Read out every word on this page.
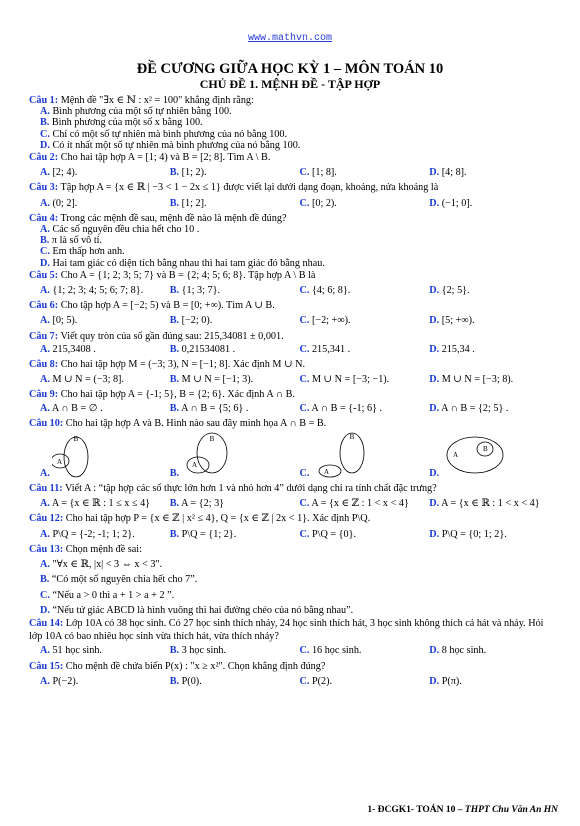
www.mathvn.com
ĐỀ CƯƠNG GIỮA HỌC KỲ 1 – MÔN TOÁN 10
CHỦ ĐỀ 1. MỆNH ĐỀ - TẬP HỢP
Câu 1: Mệnh đề "∃x ∈ ℕ : x² = 100" khẳng định rằng:
A. Bình phương của một số tự nhiên bằng 100.
B. Bình phương của một số x bằng 100.
C. Chỉ có một số tự nhiên mà bình phương của nó bằng 100.
D. Có ít nhất một số tự nhiên mà bình phương của nó bằng 100.
Câu 2: Cho hai tập hợp A = [1; 4) và B = [2; 8]. Tìm A \ B.
A. [2; 4).	B. [1; 2).	C. [1; 8].	D. [4; 8].
Câu 3: Tập hợp A = {x ∈ ℝ | −3 < 1 − 2x ≤ 1} được viết lại dưới dạng đoạn, khoảng, nửa khoảng là
A. (0; 2].	B. [1; 2].	C. [0; 2).	D. (−1; 0].
Câu 4: Trong các mệnh đề sau, mệnh đề nào là mệnh đề đúng?
A. Các số nguyên đều chia hết cho 10 .
B. π là số vô tỉ.
C. Em thấp hơn anh.
D. Hai tam giác có diện tích bằng nhau thì hai tam giác đó bằng nhau.
Câu 5: Cho A = {1; 2; 3; 5; 7} và B = {2; 4; 5; 6; 8}. Tập hợp A \ B là
A. {1; 2; 3; 4; 5; 6; 7; 8}.	B. {1; 3; 7}.	C. {4; 6; 8}.	D. {2; 5}.
Câu 6: Cho tập hợp A = [−2; 5) và B = [0; +∞). Tìm A ∪ B.
A. [0; 5).	B. [−2; 0).	C. [−2; +∞).	D. [5; +∞).
Câu 7: Viết quy tròn của số gần đúng sau: 215,34081 ± 0,001.
A. 215,3408 .	B. 0,21534081 .	C. 215,341 .	D. 215,34 .
Câu 8: Cho hai tập hợp M = (−3; 3), N = [−1; 8]. Xác định M ∪ N.
A. M ∪ N = (−3; 8].	B. M ∪ N = [−1; 3).	C. M ∪ N = [−3; −1).	D. M ∪ N = [−3; 8).
Câu 9: Cho hai tập hợp A = {-1; 5}, B = {2; 6}. Xác định A ∩ B.
A. A ∩ B = ∅ .	B. A ∩ B = {5; 6} .	C. A ∩ B = {-1; 6} .	D. A ∩ B = {2; 5} .
Câu 10: Cho hai tập hợp A và B. Hình nào sau đây minh họa A ∩ B = B.
A.
B
A
B.
B
A
C.
B
A	D.
B
A
Câu 11: Viết A : “tập hợp các số thực lớn hơn 1 và nhỏ hơn 4” dưới dạng chỉ ra tính chất đặc trưng?
A. A = {x ∈ ℝ : 1 ≤ x ≤ 4}	B. A = {2; 3}	C. A = {x ∈ ℤ : 1 < x < 4}	D. A = {x ∈ ℝ : 1 < x < 4}
Câu 12: Cho hai tập hợp P = {x ∈ ℤ | x² ≤ 4}, Q = {x ∈ ℤ | 2x < 1}. Xác định P\Q.
A. P\Q = {-2; -1; 1; 2}.	B. P\Q = {1; 2}.	C. P\Q = {0}.	D. P\Q = {0; 1; 2}.
Câu 13: Chọn mệnh đề sai:
A. "∀x ∈ ℝ, |x| < 3 ⇔ x < 3".
B. “Có một số nguyên chia hết cho 7”.
C. “Nếu a > 0 thì a + 1 > a + 2 ”.
D. “Nếu tứ giác ABCD là hình vuông thì hai đường chéo của nó bằng nhau”.
Câu 14: Lớp 10A có 38 học sinh. Có 27 học sinh thích nhảy, 24 học sinh thích hát, 3 học sinh không thích cả hát và nhảy. Hỏi lớp 10A có bao nhiêu học sinh vừa thích hát, vừa thích nhảy?
A. 51 học sinh.	B. 3 học sinh.	C. 16 học sinh.	D. 8 học sinh.
Câu 15: Cho mệnh đề chứa biến P(x) : "x ≥ x²". Chọn khẳng định đúng?
A. P(−2).	B. P(0).	C. P(2).	D. P(π).
1- ĐCGK1- TOÁN 10 – THPT Chu Văn An HN
